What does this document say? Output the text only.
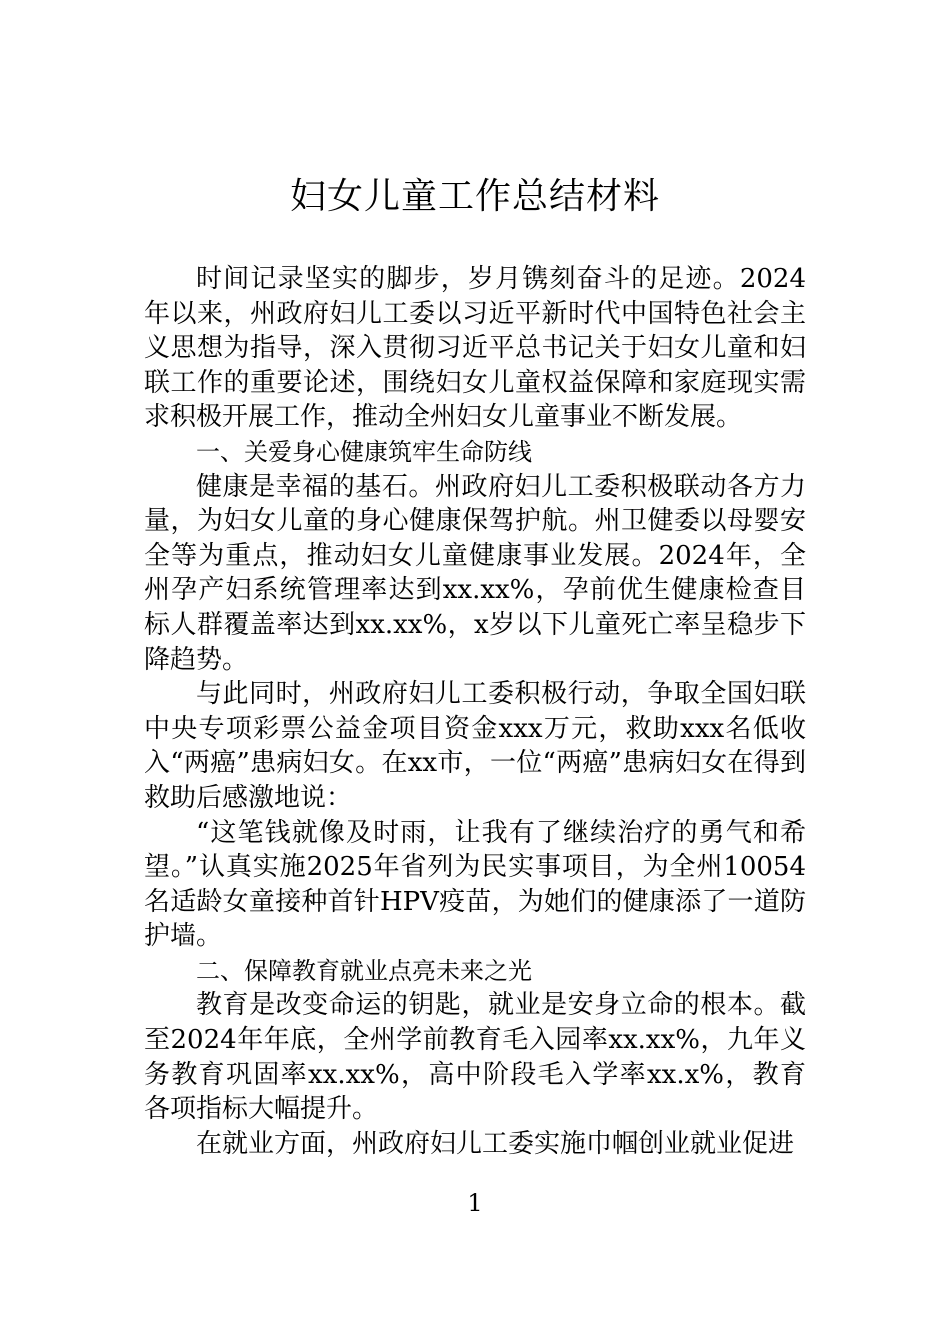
妇女儿童工作总结材料

时间记录坚实的脚步，岁月镌刻奋斗的足迹。2024年以来，州政府妇儿工委以习近平新时代中国特色社会主义思想为指导，深入贯彻习近平总书记关于妇女儿童和妇联工作的重要论述，围绕妇女儿童权益保障和家庭现实需求积极开展工作，推动全州妇女儿童事业不断发展。

一、关爱身心健康筑牢生命防线

健康是幸福的基石。州政府妇儿工委积极联动各方力量，为妇女儿童的身心健康保驾护航。州卫健委以母婴安全等为重点，推动妇女儿童健康事业发展。2024年，全州孕产妇系统管理率达到xx.xx%，孕前优生健康检查目标人群覆盖率达到xx.xx%，x岁以下儿童死亡率呈稳步下降趋势。

与此同时，州政府妇儿工委积极行动，争取全国妇联中央专项彩票公益金项目资金xxx万元，救助xxx名低收入“两癌”患病妇女。在xx市，一位“两癌”患病妇女在得到救助后感激地说：

“这笔钱就像及时雨，让我有了继续治疗的勇气和希望。”认真实施2025年省列为民实事项目，为全州10054名适龄女童接种首针HPV疫苗，为她们的健康添了一道防护墙。

二、保障教育就业点亮未来之光

教育是改变命运的钥匙，就业是安身立命的根本。截至2024年年底，全州学前教育毛入园率xx.xx%，九年义务教育巩固率xx.xx%，高中阶段毛入学率xx.x%，教育各项指标大幅提升。

在就业方面，州政府妇儿工委实施巾帼创业就业促进

1
